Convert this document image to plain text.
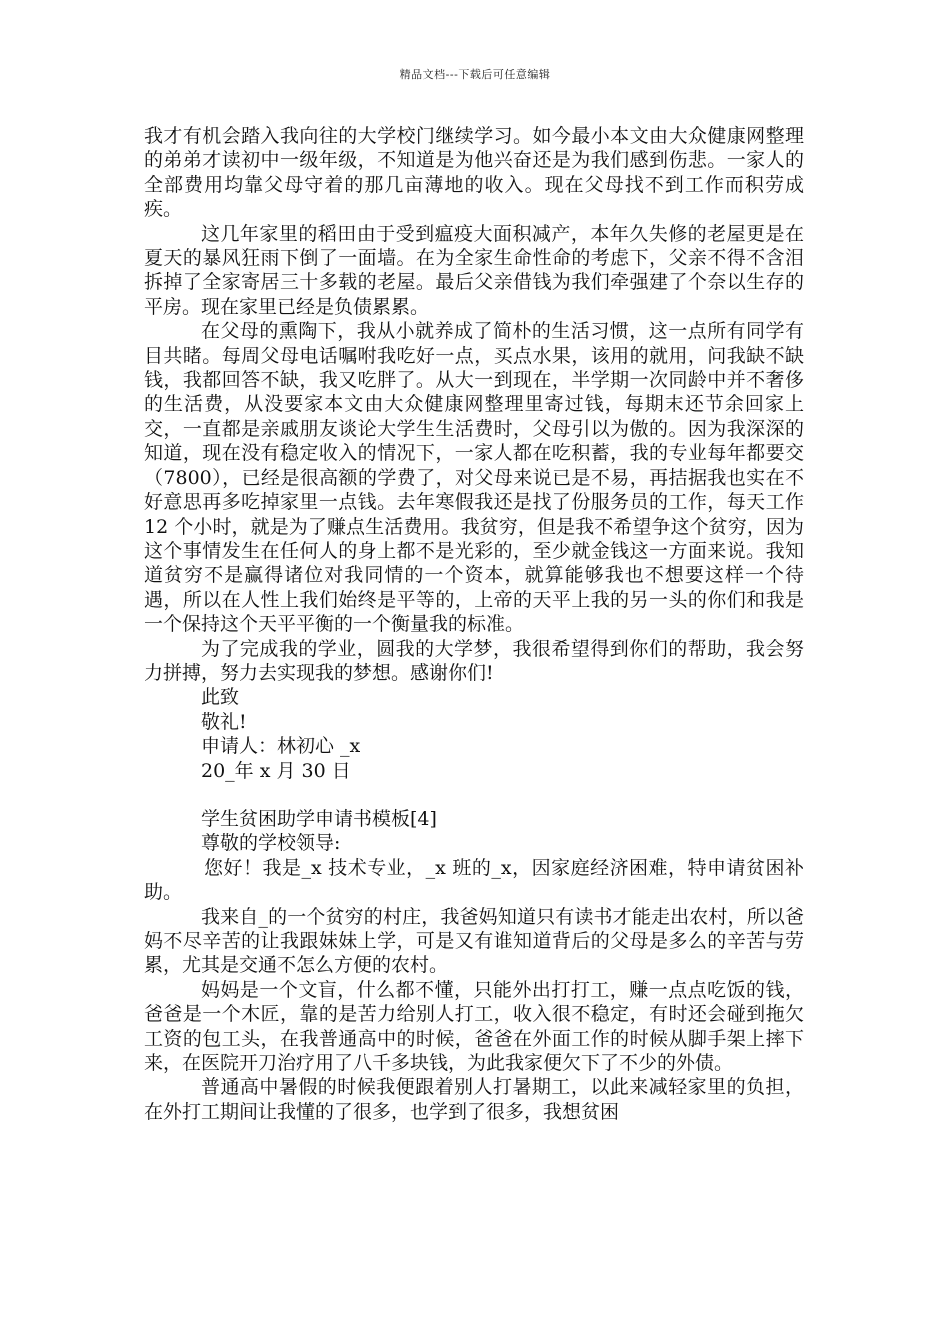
精品文档---下载后可任意编辑

我才有机会踏入我向往的大学校门继续学习。如今最小本文由大众健康网整理的弟弟才读初中一级年级，不知道是为他兴奋还是为我们感到伤悲。一家人的全部费用均靠父母守着的那几亩薄地的收入。现在父母找不到工作而积劳成疾。

这几年家里的稻田由于受到瘟疫大面积减产，本年久失修的老屋更是在夏天的暴风狂雨下倒了一面墙。在为全家生命性命的考虑下，父亲不得不含泪拆掉了全家寄居三十多载的老屋。最后父亲借钱为我们牵强建了个奈以生存的平房。现在家里已经是负债累累。

在父母的熏陶下，我从小就养成了简朴的生活习惯，这一点所有同学有目共睹。每周父母电话嘱咐我吃好一点，买点水果，该用的就用，问我缺不缺钱，我都回答不缺，我又吃胖了。从大一到现在，半学期一次同龄中并不奢侈的生活费，从没要家本文由大众健康网整理里寄过钱，每期末还节余回家上交，一直都是亲戚朋友谈论大学生生活费时，父母引以为傲的。因为我深深的知道，现在没有稳定收入的情况下，一家人都在吃积蓄，我的专业每年都要交（7800），已经是很高额的学费了，对父母来说已是不易，再拮据我也实在不好意思再多吃掉家里一点钱。去年寒假我还是找了份服务员的工作，每天工作 12 个小时，就是为了赚点生活费用。我贫穷，但是我不希望争这个贫穷，因为这个事情发生在任何人的身上都不是光彩的，至少就金钱这一方面来说。我知道贫穷不是赢得诸位对我同情的一个资本，就算能够我也不想要这样一个待遇，所以在人性上我们始终是平等的，上帝的天平上我的另一头的你们和我是一个保持这个天平平衡的一个衡量我的标准。

为了完成我的学业，圆我的大学梦，我很希望得到你们的帮助，我会努力拼搏，努力去实现我的梦想。感谢你们!

此致

敬礼!

申请人：林初心 _x

20_年 x 月 30 日

学生贫困助学申请书模板[4]

尊敬的学校领导:

您好！我是_x 技术专业，_x 班的_x，因家庭经济困难，特申请贫困补助。

我来自_的一个贫穷的村庄，我爸妈知道只有读书才能走出农村，所以爸妈不尽辛苦的让我跟妹妹上学，可是又有谁知道背后的父母是多么的辛苦与劳累，尤其是交通不怎么方便的农村。

妈妈是一个文盲，什么都不懂，只能外出打打工，赚一点点吃饭的钱，爸爸是一个木匠，靠的是苦力给别人打工，收入很不稳定，有时还会碰到拖欠工资的包工头，在我普通高中的时候，爸爸在外面工作的时候从脚手架上摔下来，在医院开刀治疗用了八千多块钱，为此我家便欠下了不少的外债。

普通高中暑假的时候我便跟着别人打暑期工，以此来减轻家里的负担，在外打工期间让我懂的了很多，也学到了很多，我想贫困
